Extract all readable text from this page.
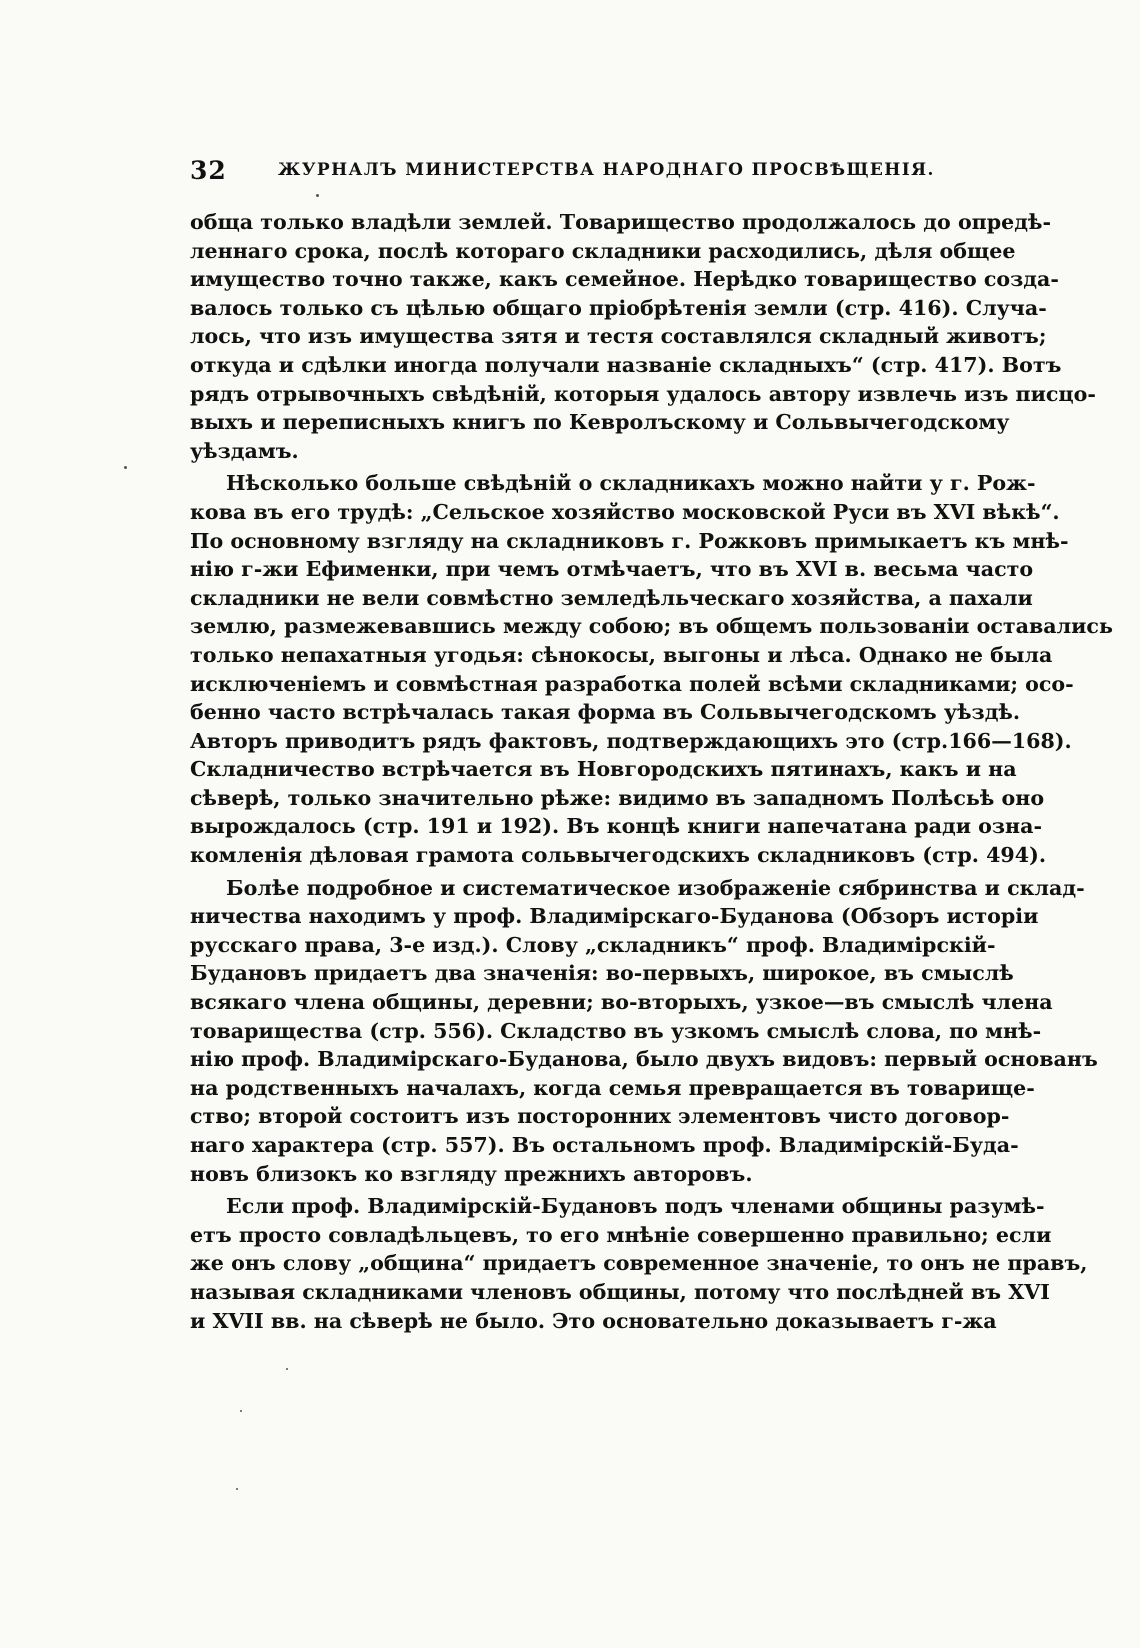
32	ЖУРНАЛЪ МИНИСТЕРСТВА НАРОДНАГО ПРОСВѢЩЕНІЯ.

обща только владѣли землей. Товарищество продолжалось до опредѣ-
леннаго срока, послѣ котораго складники расходились, дѣля общее
имущество точно также, какъ семейное. Нерѣдко товарищество созда-
валось только съ цѣлью общаго пріобрѣтенія земли (стр. 416). Случа-
лось, что изъ имущества зятя и тестя составлялся складный животъ;
откуда и сдѣлки иногда получали названіе складныхъ“ (стр. 417). Вотъ
рядъ отрывочныхъ свѣдѣній, которыя удалось автору извлечь изъ писцо-
выхъ и переписныхъ книгъ по Кевролъскому и Сольвычегодскому
уѣздамъ.

Нѣсколько больше свѣдѣній о складникахъ можно найти у г. Рож-
кова въ его трудѣ: „Сельское хозяйство московской Руси въ XVI вѣкѣ“.
По основному взгляду на складниковъ г. Рожковъ примыкаетъ къ мнѣ-
нію г-жи Ефименки, при чемъ отмѣчаетъ, что въ XVI в. весьма часто
складники не вели совмѣстно земледѣльческаго хозяйства, а пахали
землю, размежевавшись между собою; въ общемъ пользованіи оставались
только непахатныя угодья: сѣнокосы, выгоны и лѣса. Однако не была
исключеніемъ и совмѣстная разработка полей всѣми складниками; осо-
бенно часто встрѣчалась такая форма въ Сольвычегодскомъ уѣздѣ.
Авторъ приводитъ рядъ фактовъ, подтверждающихъ это (стр.166—168).
Складничество встрѣчается въ Новгородскихъ пятинахъ, какъ и на
сѣверѣ, только значительно рѣже: видимо въ западномъ Полѣсьѣ оно
вырождалось (стр. 191 и 192). Въ концѣ книги напечатана ради озна-
комленія дѣловая грамота сольвычегодскихъ складниковъ (стр. 494).

Болѣе подробное и систематическое изображеніе сябринства и склад-
ничества находимъ у проф. Владимірскаго-Буданова (Обзоръ исторіи
русскаго права, 3-е изд.). Слову „складникъ“ проф. Владимірскій-
Будановъ придаетъ два значенія: во-первыхъ, широкое, въ смыслѣ
всякаго члена общины, деревни; во-вторыхъ, узкое—въ смыслѣ члена
товарищества (стр. 556). Складство въ узкомъ смыслѣ слова, по мнѣ-
нію проф. Владимірскаго-Буданова, было двухъ видовъ: первый основанъ
на родственныхъ началахъ, когда семья превращается въ товарище-
ство; второй состоитъ изъ посторонних элементовъ чисто договор-
наго характера (стр. 557). Въ остальномъ проф. Владимірскій-Буда-
новъ близокъ ко взгляду прежнихъ авторовъ.

Если проф. Владимірскій-Будановъ подъ членами общины разумѣ-
етъ просто совладѣльцевъ, то его мнѣніе совершенно правильно; если
же онъ слову „община“ придаетъ современное значеніе, то онъ не правъ,
называя складниками членовъ общины, потому что послѣдней въ XVI
и XVII вв. на сѣверѣ не было. Это основательно доказываетъ г-жа
